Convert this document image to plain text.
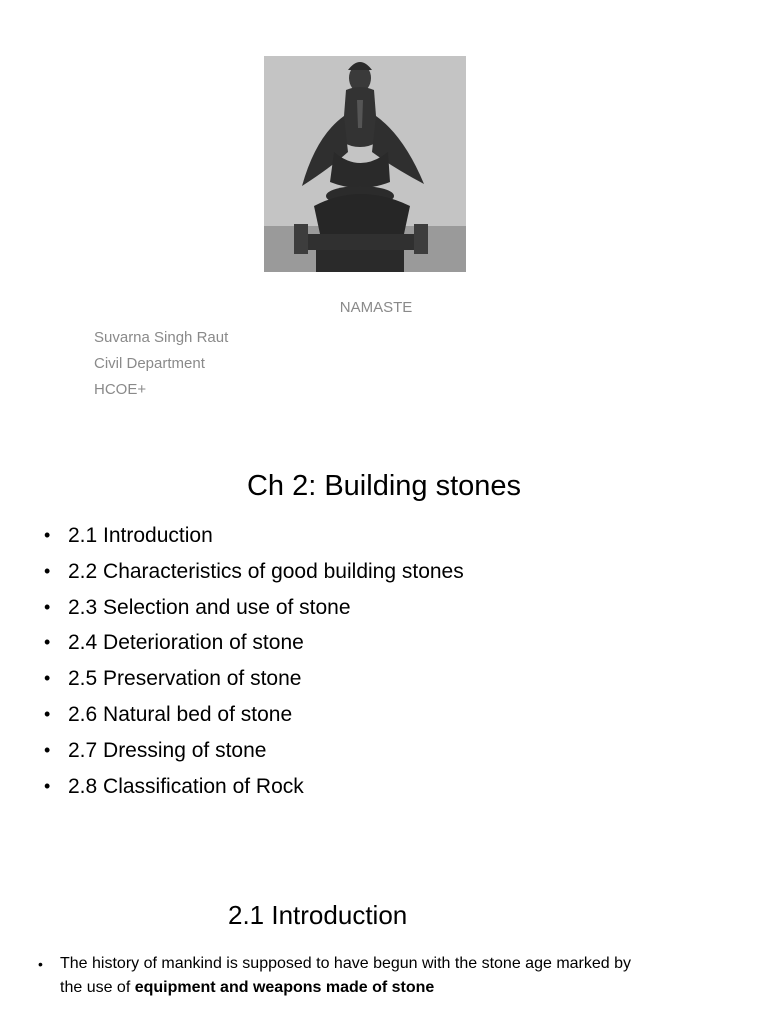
NAMASTE
Suvarna Singh Raut
Civil Department
HCOE+
Ch 2: Building stones
• 2.1 Introduction
• 2.2 Characteristics of good building stones
• 2.3 Selection and use of stone
• 2.4 Deterioration of stone
• 2.5 Preservation of stone
• 2.6 Natural bed of stone
• 2.7 Dressing of stone
• 2.8 Classification of Rock
2.1 Introduction
•	The history of mankind is supposed to have begun with the stone age marked by the use of equipment and weapons made of stone
